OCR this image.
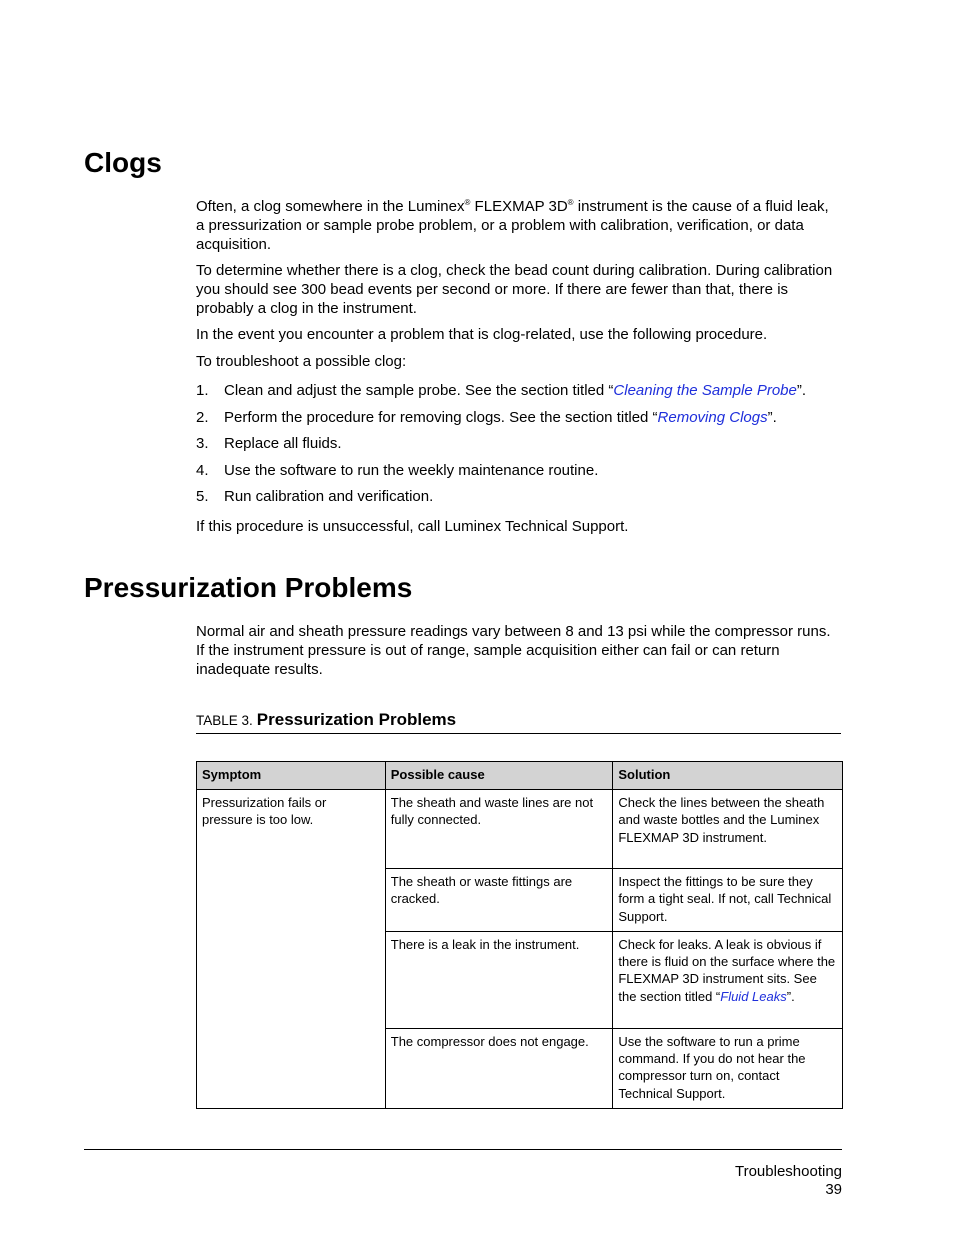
Clogs

Often, a clog somewhere in the Luminex® FLEXMAP 3D® instrument is the cause of a fluid leak, a pressurization or sample probe problem, or a problem with calibration, verification, or data acquisition.

To determine whether there is a clog, check the bead count during calibration. During calibration you should see 300 bead events per second or more. If there are fewer than that, there is probably a clog in the instrument.

In the event you encounter a problem that is clog-related, use the following procedure.

To troubleshoot a possible clog:

1. Clean and adjust the sample probe. See the section titled “Cleaning the Sample Probe”.
2. Perform the procedure for removing clogs. See the section titled “Removing Clogs”.
3. Replace all fluids.
4. Use the software to run the weekly maintenance routine.
5. Run calibration and verification.

If this procedure is unsuccessful, call Luminex Technical Support.

Pressurization Problems

Normal air and sheath pressure readings vary between 8 and 13 psi while the compressor runs. If the instrument pressure is out of range, sample acquisition either can fail or can return inadequate results.

TABLE 3. Pressurization Problems
Symptom	Possible cause	Solution
Pressurization fails or pressure is too low.	The sheath and waste lines are not fully connected.	Check the lines between the sheath and waste bottles and the Luminex FLEXMAP 3D instrument.
	The sheath or waste fittings are cracked.	Inspect the fittings to be sure they form a tight seal. If not, call Technical Support.
	There is a leak in the instrument.	Check for leaks. A leak is obvious if there is fluid on the surface where the FLEXMAP 3D instrument sits. See the section titled “Fluid Leaks”.
	The compressor does not engage.	Use the software to run a prime command. If you do not hear the compressor turn on, contact Technical Support.
Troubleshooting
39
